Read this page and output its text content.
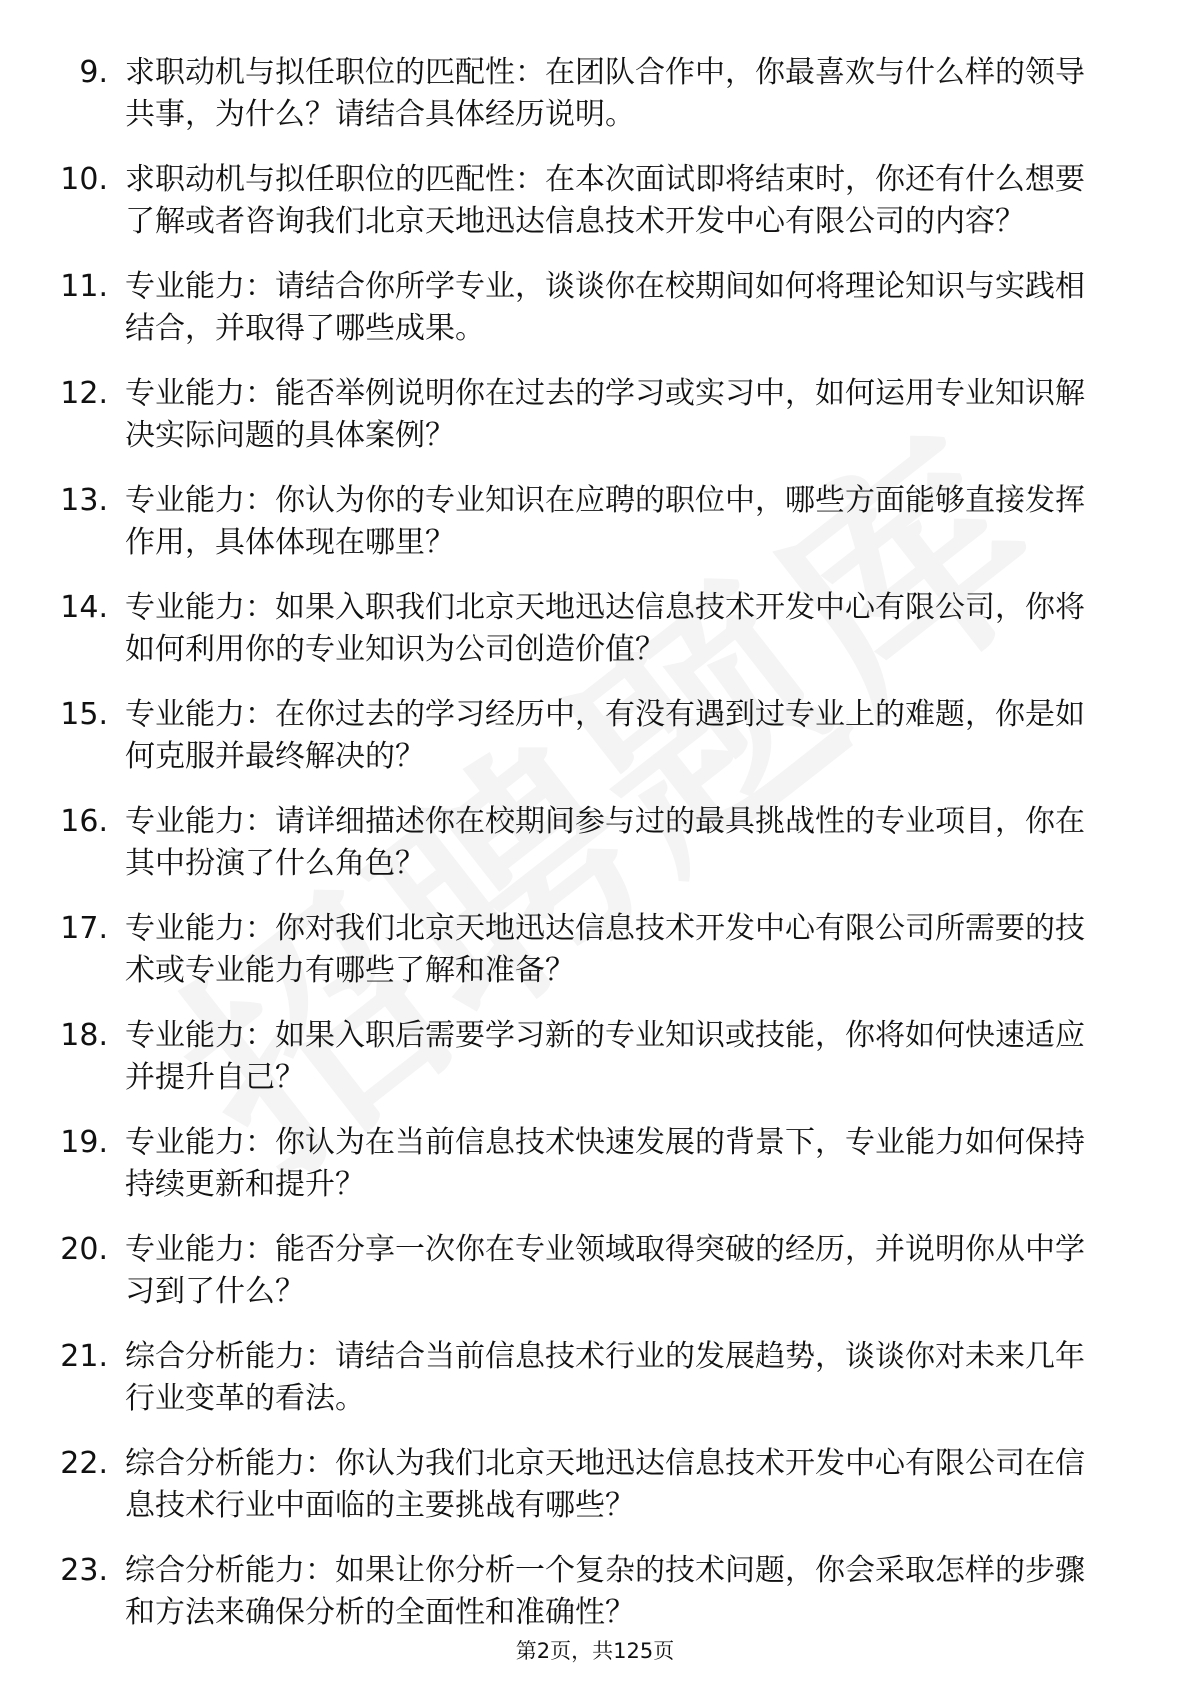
9. 求职动机与拟任职位的匹配性：在团队合作中，你最喜欢与什么样的领导共事，为什么？请结合具体经历说明。
10. 求职动机与拟任职位的匹配性：在本次面试即将结束时，你还有什么想要了解或者咨询我们北京天地迅达信息技术开发中心有限公司的内容？
11. 专业能力：请结合你所学专业，谈谈你在校期间如何将理论知识与实践相结合，并取得了哪些成果。
12. 专业能力：能否举例说明你在过去的学习或实习中，如何运用专业知识解决实际问题的具体案例？
13. 专业能力：你认为你的专业知识在应聘的职位中，哪些方面能够直接发挥作用，具体体现在哪里？
14. 专业能力：如果入职我们北京天地迅达信息技术开发中心有限公司，你将如何利用你的专业知识为公司创造价值？
15. 专业能力：在你过去的学习经历中，有没有遇到过专业上的难题，你是如何克服并最终解决的？
16. 专业能力：请详细描述你在校期间参与过的最具挑战性的专业项目，你在其中扮演了什么角色？
17. 专业能力：你对我们北京天地迅达信息技术开发中心有限公司所需要的技术或专业能力有哪些了解和准备？
18. 专业能力：如果入职后需要学习新的专业知识或技能，你将如何快速适应并提升自己？
19. 专业能力：你认为在当前信息技术快速发展的背景下，专业能力如何保持持续更新和提升？
20. 专业能力：能否分享一次你在专业领域取得突破的经历，并说明你从中学习到了什么？
21. 综合分析能力：请结合当前信息技术行业的发展趋势，谈谈你对未来几年行业变革的看法。
22. 综合分析能力：你认为我们北京天地迅达信息技术开发中心有限公司在信息技术行业中面临的主要挑战有哪些？
23. 综合分析能力：如果让你分析一个复杂的技术问题，你会采取怎样的步骤和方法来确保分析的全面性和准确性？
第2页，共125页
